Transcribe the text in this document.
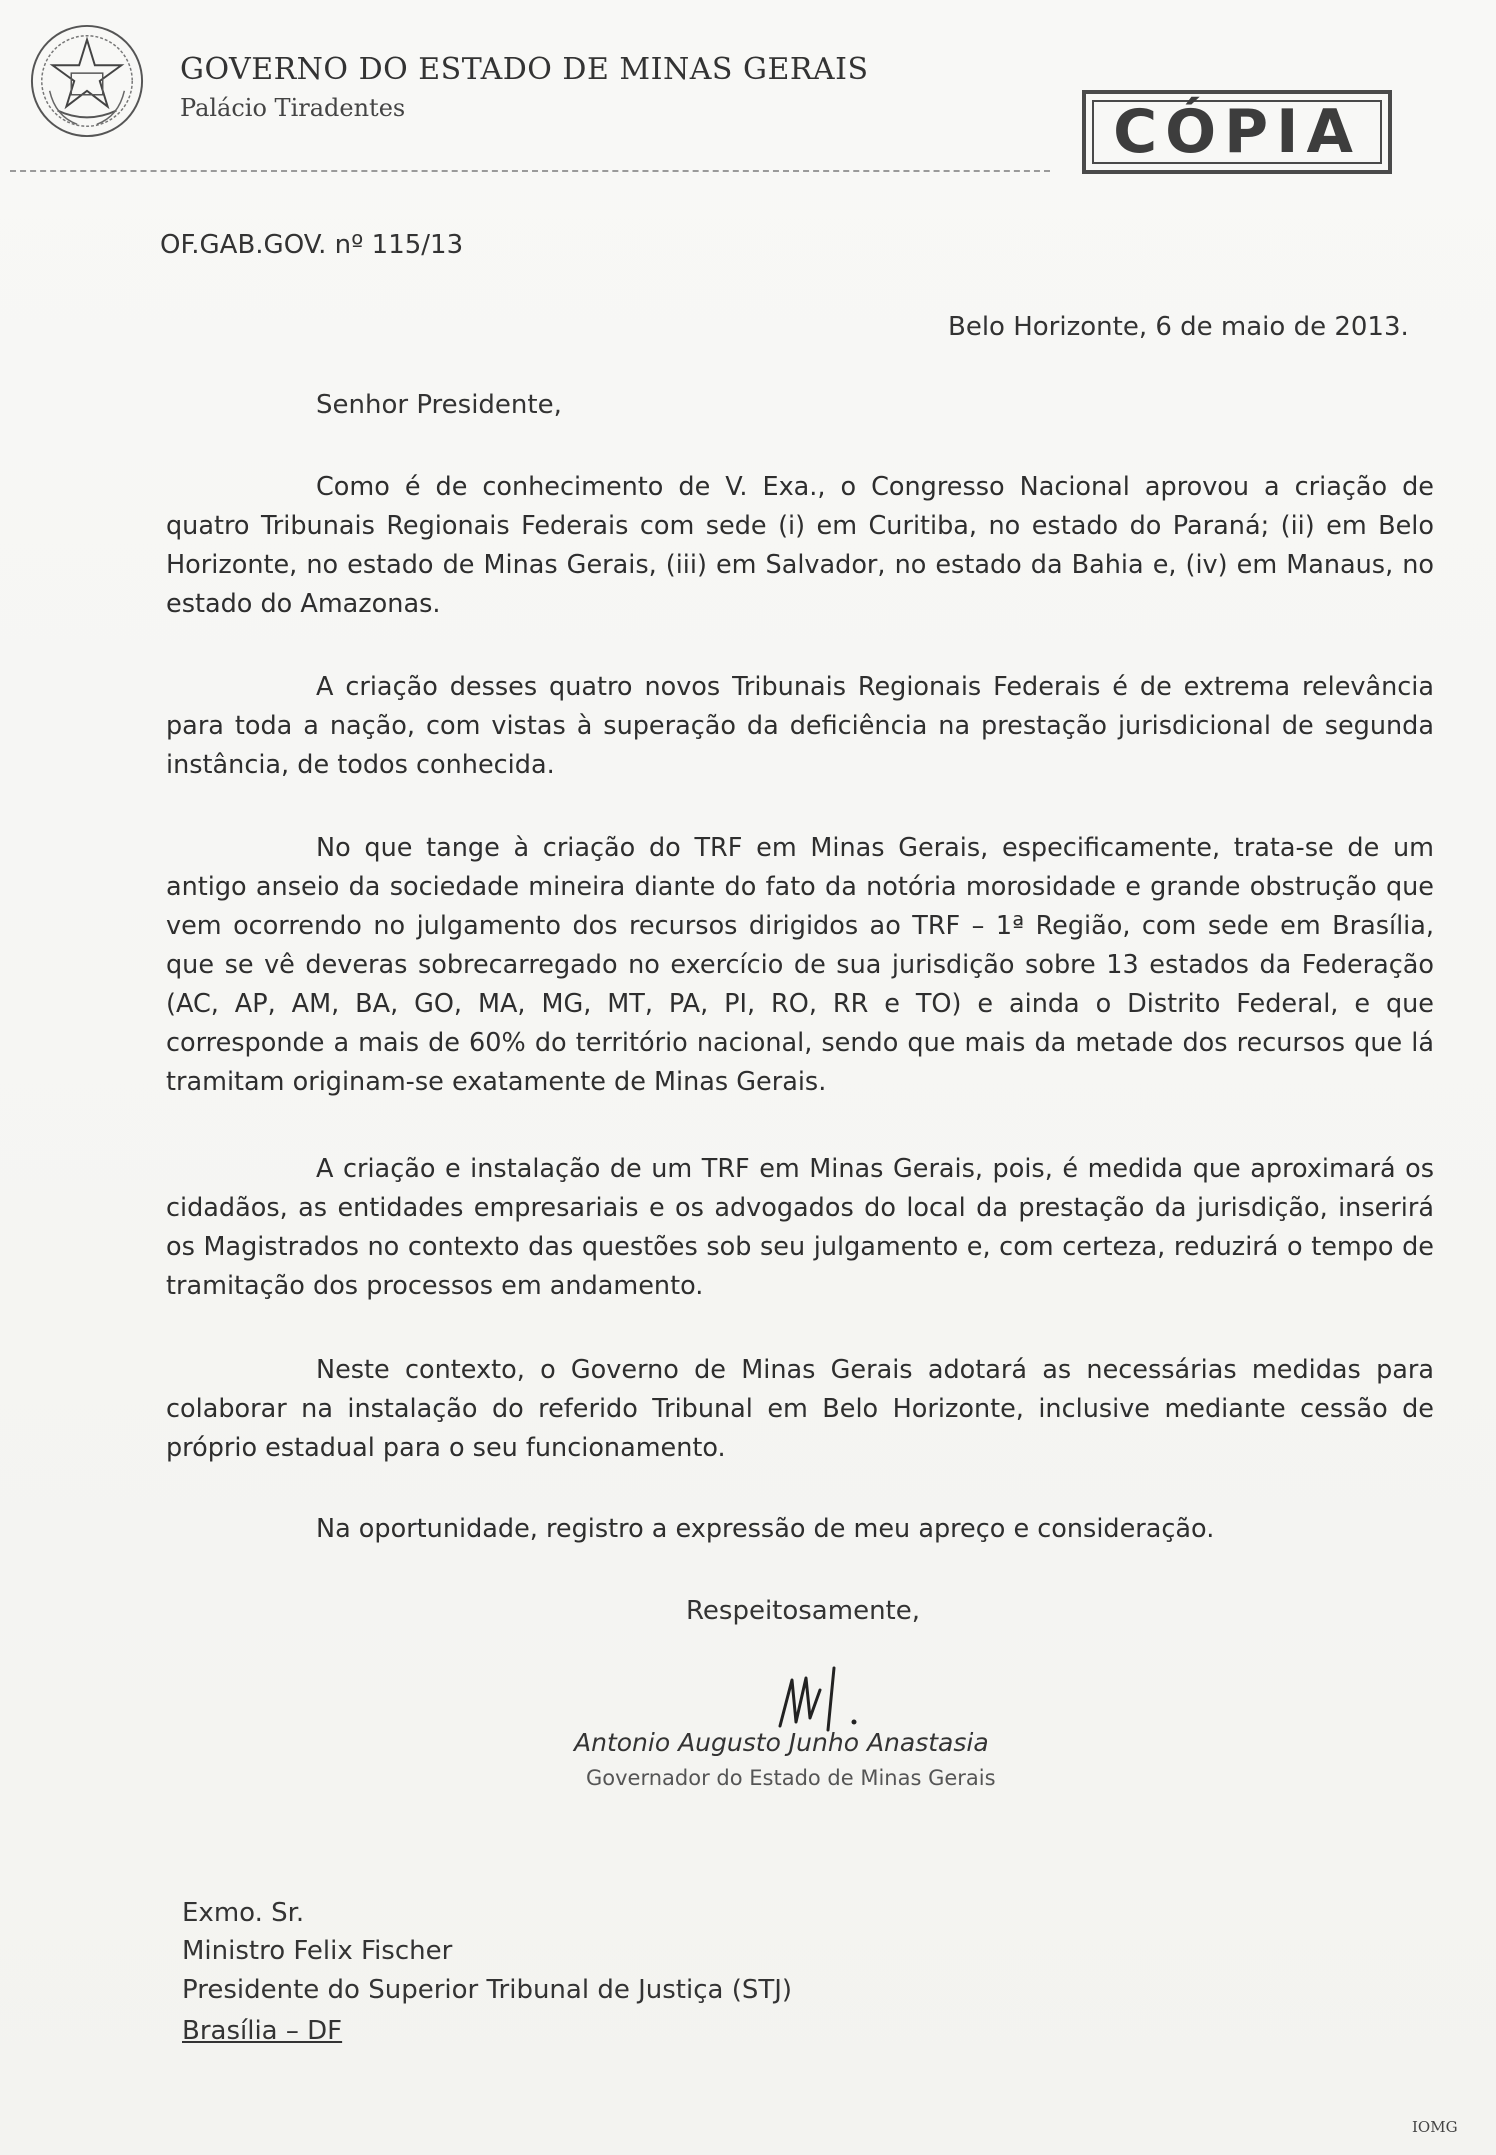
GOVERNO DO ESTADO DE MINAS GERAIS
Palácio Tiradentes	CÓPIA
OF.GAB.GOV. nº 115/13
Belo Horizonte, 6 de maio de 2013.
Senhor Presidente,

Como é de conhecimento de V. Exa., o Congresso Nacional aprovou a criação de quatro Tribunais Regionais Federais com sede (i) em Curitiba, no estado do Paraná; (ii) em Belo Horizonte, no estado de Minas Gerais, (iii) em Salvador, no estado da Bahia e, (iv) em Manaus, no estado do Amazonas.

A criação desses quatro novos Tribunais Regionais Federais é de extrema relevância para toda a nação, com vistas à superação da deficiência na prestação jurisdicional de segunda instância, de todos conhecida.

No que tange à criação do TRF em Minas Gerais, especificamente, trata-se de um antigo anseio da sociedade mineira diante do fato da notória morosidade e grande obstrução que vem ocorrendo no julgamento dos recursos dirigidos ao TRF – 1ª Região, com sede em Brasília, que se vê deveras sobrecarregado no exercício de sua jurisdição sobre 13 estados da Federação (AC, AP, AM, BA, GO, MA, MG, MT, PA, PI, RO, RR e TO) e ainda o Distrito Federal, e que corresponde a mais de 60% do território nacional, sendo que mais da metade dos recursos que lá tramitam originam-se exatamente de Minas Gerais.

A criação e instalação de um TRF em Minas Gerais, pois, é medida que aproximará os cidadãos, as entidades empresariais e os advogados do local da prestação da jurisdição, inserirá os Magistrados no contexto das questões sob seu julgamento e, com certeza, reduzirá o tempo de tramitação dos processos em andamento.

Neste contexto, o Governo de Minas Gerais adotará as necessárias medidas para colaborar na instalação do referido Tribunal em Belo Horizonte, inclusive mediante cessão de próprio estadual para o seu funcionamento.

Na oportunidade, registro a expressão de meu apreço e consideração.

Respeitosamente,
Antonio Augusto Junho Anastasia
Governador do Estado de Minas Gerais
Exmo. Sr.
Ministro Felix Fischer
Presidente do Superior Tribunal de Justiça (STJ)
Brasília – DF
IOMG
